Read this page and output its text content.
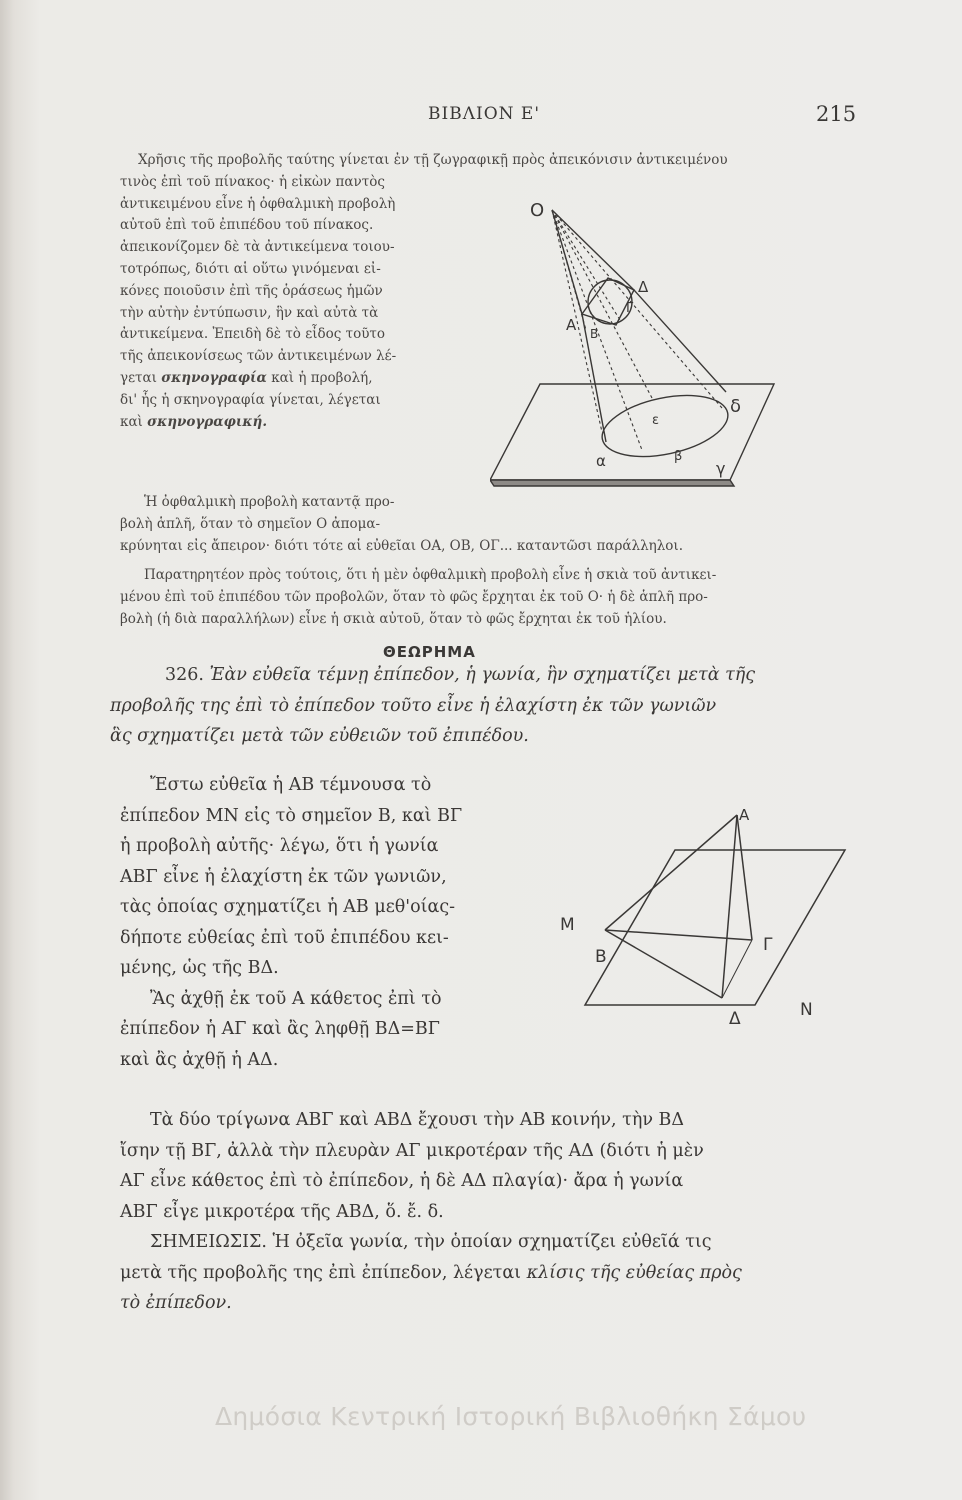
ΒΙΒΛΙΟΝ Ε'	215
Χρῆσις τῆς προβολῆς ταύτης γίνεται ἐν τῇ ζωγραφικῇ πρὸς ἀπεικόνισιν ἀντικειμένου
τινὸς ἐπὶ τοῦ πίνακος· ἡ εἰκὼν παντὸς
ἀντικειμένου εἶνε ἡ ὀφθαλμικὴ προβολὴ
αὐτοῦ ἐπὶ τοῦ ἐπιπέδου τοῦ πίνακος.
ἀπεικονίζομεν δὲ τὰ ἀντικείμενα τοιου-
τοτρόπως, διότι αἱ οὕτω γινόμεναι εἰ-
κόνες ποιοῦσιν ἐπὶ τῆς ὁράσεως ἡμῶν
τὴν αὐτὴν ἐντύπωσιν, ἣν καὶ αὐτὰ τὰ
ἀντικείμενα. Ἐπειδὴ δὲ τὸ εἶδος τοῦτο
τῆς ἀπεικονίσεως τῶν ἀντικειμένων λέ-
γεται σκηνογραφία καὶ ἡ προβολή,
δι' ἧς ἡ σκηνογραφία γίνεται, λέγεται
καὶ σκηνογραφική.
Ἡ ὀφθαλμικὴ προβολὴ καταντᾷ προ-
βολὴ ἁπλῆ, ὅταν τὸ σημεῖον Ο ἀπομα-
κρύνηται εἰς ἄπειρον· διότι τότε αἱ εὐθεῖαι ΟΑ, ΟΒ, ΟΓ... καταντῶσι παράλληλοι.
Παρατηρητέον πρὸς τούτοις, ὅτι ἡ μὲν ὀφθαλμικὴ προβολὴ εἶνε ἡ σκιὰ τοῦ ἀντικει-
μένου ἐπὶ τοῦ ἐπιπέδου τῶν προβολῶν, ὅταν τὸ φῶς ἔρχηται ἐκ τοῦ Ο· ἡ δὲ ἁπλῆ προ-
βολὴ (ἡ διὰ παραλλήλων) εἶνε ἡ σκιὰ αὐτοῦ, ὅταν τὸ φῶς ἔρχηται ἐκ τοῦ ἡλίου.
O
A B
Γ
Δ
α
ε
δ
γ
β
ΘΕΩΡΗΜΑ
326. Ἐὰν εὐθεῖα τέμνῃ ἐπίπεδον, ἡ γωνία, ἣν σχηματίζει μετὰ τῆς
προβολῆς της ἐπὶ τὸ ἐπίπεδον τοῦτο εἶνε ἡ ἐλαχίστη ἐκ τῶν γωνιῶν
ἃς σχηματίζει μετὰ τῶν εὐθειῶν τοῦ ἐπιπέδου.
Ἔστω εὐθεῖα ἡ ΑΒ τέμνουσα τὸ
ἐπίπεδον ΜΝ εἰς τὸ σημεῖον Β, καὶ ΒΓ
ἡ προβολὴ αὐτῆς· λέγω, ὅτι ἡ γωνία
ΑΒΓ εἶνε ἡ ἐλαχίστη ἐκ τῶν γωνιῶν,
τὰς ὁποίας σχηματίζει ἡ ΑΒ μεθ'οίας-
δήποτε εὐθείας ἐπὶ τοῦ ἐπιπέδου κει-
μένης, ὡς τῆς ΒΔ.
Ἂς ἀχθῇ ἐκ τοῦ Α κάθετος ἐπὶ τὸ
ἐπίπεδον ἡ ΑΓ καὶ ἂς ληφθῇ ΒΔ=ΒΓ
καὶ ἂς ἀχθῇ ἡ ΑΔ.
Α
Β
Γ
Δ
Μ
Ν
Τὰ δύο τρίγωνα ΑΒΓ καὶ ΑΒΔ ἔχουσι τὴν ΑΒ κοινήν, τὴν ΒΔ
ἴσην τῇ ΒΓ, ἀλλὰ τὴν πλευρὰν ΑΓ μικροτέραν τῆς ΑΔ (διότι ἡ μὲν
ΑΓ εἶνε κάθετος ἐπὶ τὸ ἐπίπεδον, ἡ δὲ ΑΔ πλαγία)· ἄρα ἡ γωνία
ΑΒΓ εἶγε μικροτέρα τῆς ΑΒΔ, ὅ. ἔ. δ.
ΣΗΜΕΙΩΣΙΣ. Ἡ ὀξεῖα γωνία, τὴν ὁποίαν σχηματίζει εὐθεῖά τις
μετὰ τῆς προβολῆς της ἐπὶ ἐπίπεδον, λέγεται κλίσις τῆς εὐθείας πρὸς
τὸ ἐπίπεδον.
Δημόσια Κεντρική Ιστορική Βιβλιοθήκη Σάμου
